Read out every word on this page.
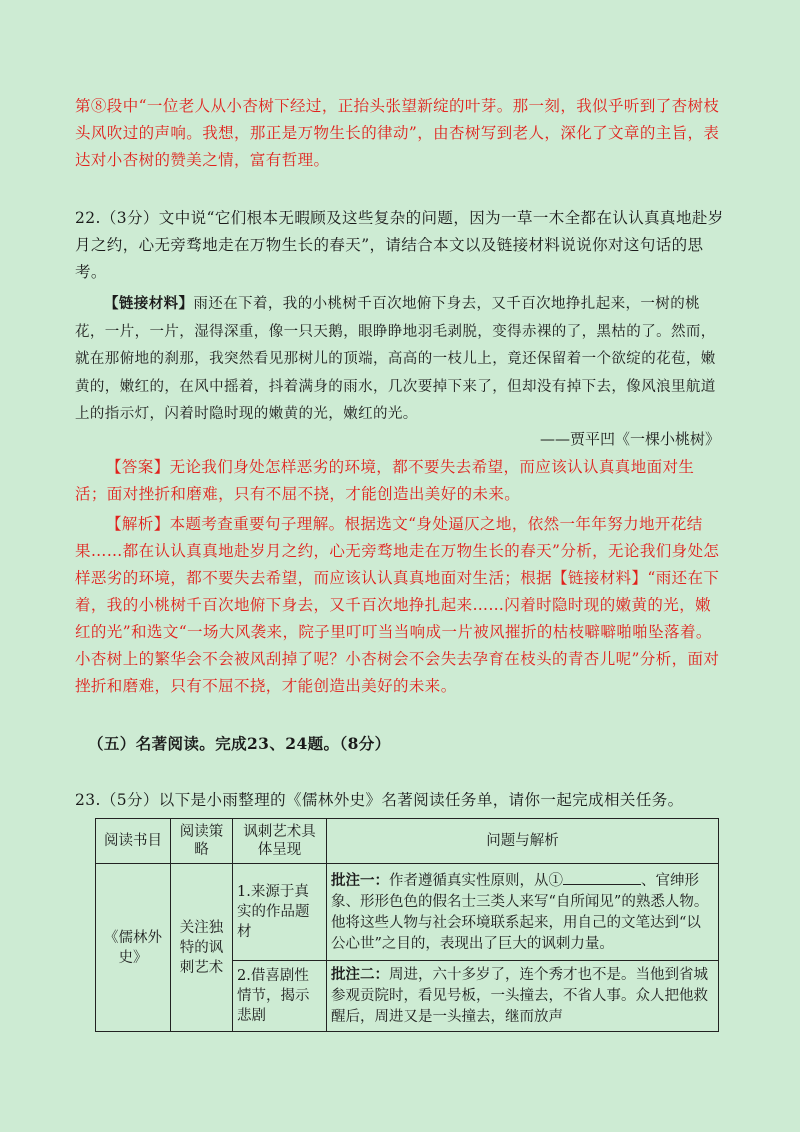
第⑧段中“一位老人从小杏树下经过，正抬头张望新绽的叶芽。那一刻，我似乎听到了杏树枝头风吹过的声响。我想，那正是万物生长的律动”，由杏树写到老人，深化了文章的主旨，表达对小杏树的赞美之情，富有哲理。
22.（3分）文中说“它们根本无暇顾及这些复杂的问题，因为一草一木全都在认认真真地赴岁月之约，心无旁骛地走在万物生长的春天”，请结合本文以及链接材料说说你对这句话的思考。
【链接材料】雨还在下着，我的小桃树千百次地俯下身去，又千百次地挣扎起来，一树的桃花，一片，一片，湿得深重，像一只天鹅，眼睁睁地羽毛剥脱，变得赤裸的了，黑枯的了。然而，就在那俯地的刹那，我突然看见那树儿的顶端，高高的一枝儿上，竟还保留着一个欲绽的花苞，嫩黄的，嫩红的，在风中摇着，抖着满身的雨水，几次要掉下来了，但却没有掉下去，像风浪里航道上的指示灯，闪着时隐时现的嫩黄的光，嫩红的光。
——贾平凹《一棵小桃树》
【答案】无论我们身处怎样恶劣的环境，都不要失去希望，而应该认认真真地面对生活；面对挫折和磨难，只有不屈不挠，才能创造出美好的未来。
【解析】本题考查重要句子理解。根据选文“身处逼仄之地，依然一年年努力地开花结果……都在认认真真地赴岁月之约，心无旁骛地走在万物生长的春天”分析，无论我们身处怎样恶劣的环境，都不要失去希望，而应该认认真真地面对生活；根据【链接材料】“雨还在下着，我的小桃树千百次地俯下身去，又千百次地挣扎起来……闪着时隐时现的嫩黄的光，嫩红的光”和选文“一场大风袭来，院子里叮叮当当响成一片被风摧折的枯枝噼噼啪啪坠落着。小杏树上的繁华会不会被风刮掉了呢？小杏树会不会失去孕育在枝头的青杏儿呢”分析，面对挫折和磨难，只有不屈不挠，才能创造出美好的未来。
（五）名著阅读。完成23、24题。（8分）
23.（5分）以下是小雨整理的《儒林外史》名著阅读任务单，请你一起完成相关任务。
阅读书目	阅读策略	讽刺艺术具体呈现	问题与解析
《儒林外史》	关注独特的讽刺艺术	1.来源于真实的作品题材	批注一：作者遵循真实性原则，从① 、官绅形象、形形色色的假名士三类人来写“自所闻见”的熟悉人物。他将这些人物与社会环境联系起来，用自己的文笔达到“以公心世”之目的，表现出了巨大的讽刺力量。
		2.借喜剧性情节，揭示悲剧	批注二：周进，六十多岁了，连个秀才也不是。当他到省城参观贡院时，看见号板，一头撞去，不省人事。众人把他救醒后，周进又是一头撞去，继而放声
